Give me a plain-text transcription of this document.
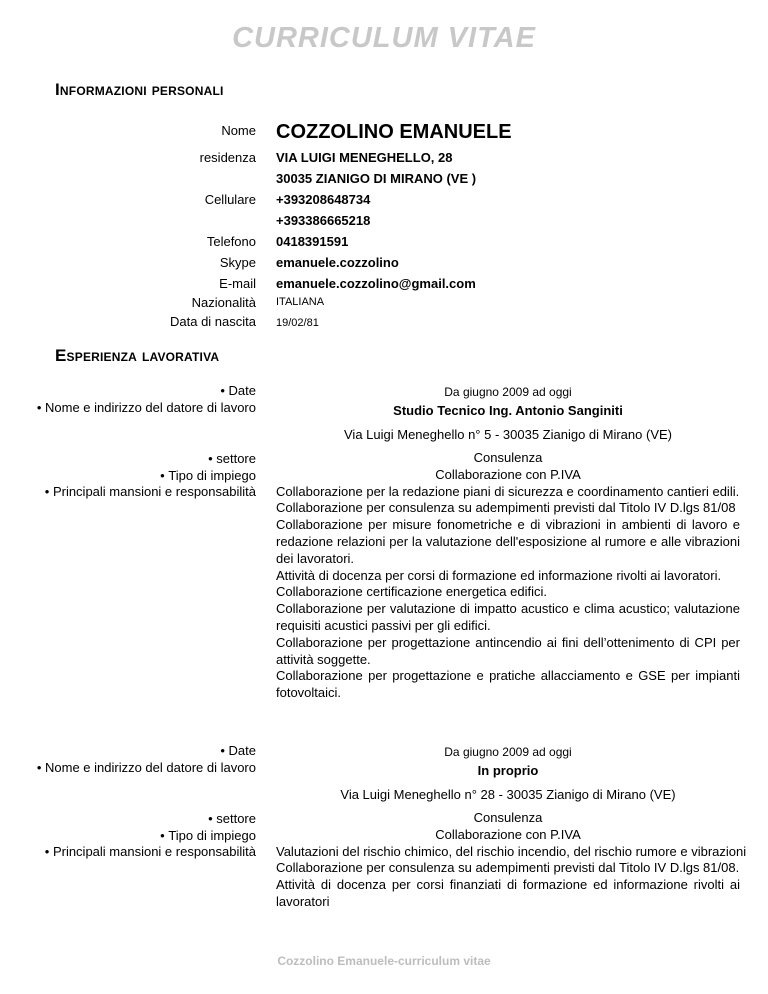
CURRICULUM VITAE
Informazioni personali
Nome COZZOLINO EMANUELE
residenza VIA LUIGI MENEGHELLO, 28
30035 ZIANIGO DI MIRANO (VE )
Cellulare +393208648734
+393386665218
Telefono 0418391591
Skype emanuele.cozzolino
E-mail emanuele.cozzolino@gmail.com
Nazionalità ITALIANA
Data di nascita 19/02/81
Esperienza lavorativa
• Date
• Nome e indirizzo del datore di lavoro
Da giugno 2009 ad oggi
Studio Tecnico Ing. Antonio Sanginiti
Via Luigi Meneghello n° 5 - 30035 Zianigo di Mirano (VE)
• settore
• Tipo di impiego
• Principali mansioni e responsabilità
Consulenza
Collaborazione con P.IVA
Collaborazione per la redazione piani di sicurezza e coordinamento cantieri edili.
Collaborazione per consulenza su adempimenti previsti dal Titolo IV D.lgs 81/08
Collaborazione per misure fonometriche e di vibrazioni in ambienti di lavoro e redazione relazioni per la valutazione dell'esposizione al rumore e alle vibrazioni dei lavoratori.
Attività di docenza per corsi di formazione ed informazione rivolti ai lavoratori.
Collaborazione certificazione energetica edifici.
Collaborazione per valutazione di impatto acustico e clima acustico; valutazione requisiti acustici passivi per gli edifici.
Collaborazione per progettazione antincendio ai fini dell’ottenimento di CPI per attività soggette.
Collaborazione per progettazione e pratiche allacciamento e GSE per impianti fotovoltaici.
• Date
• Nome e indirizzo del datore di lavoro
Da giugno 2009 ad oggi
In proprio
Via Luigi Meneghello n° 28 - 30035 Zianigo di Mirano (VE)
• settore
• Tipo di impiego
• Principali mansioni e responsabilità
Consulenza
Collaborazione con P.IVA
Valutazioni del rischio chimico, del rischio incendio, del rischio rumore e vibrazioni
Collaborazione per consulenza su adempimenti previsti dal Titolo IV D.lgs 81/08.
Attività di docenza per corsi finanziati di formazione ed informazione rivolti ai lavoratori
Cozzolino Emanuele-curriculum vitae
